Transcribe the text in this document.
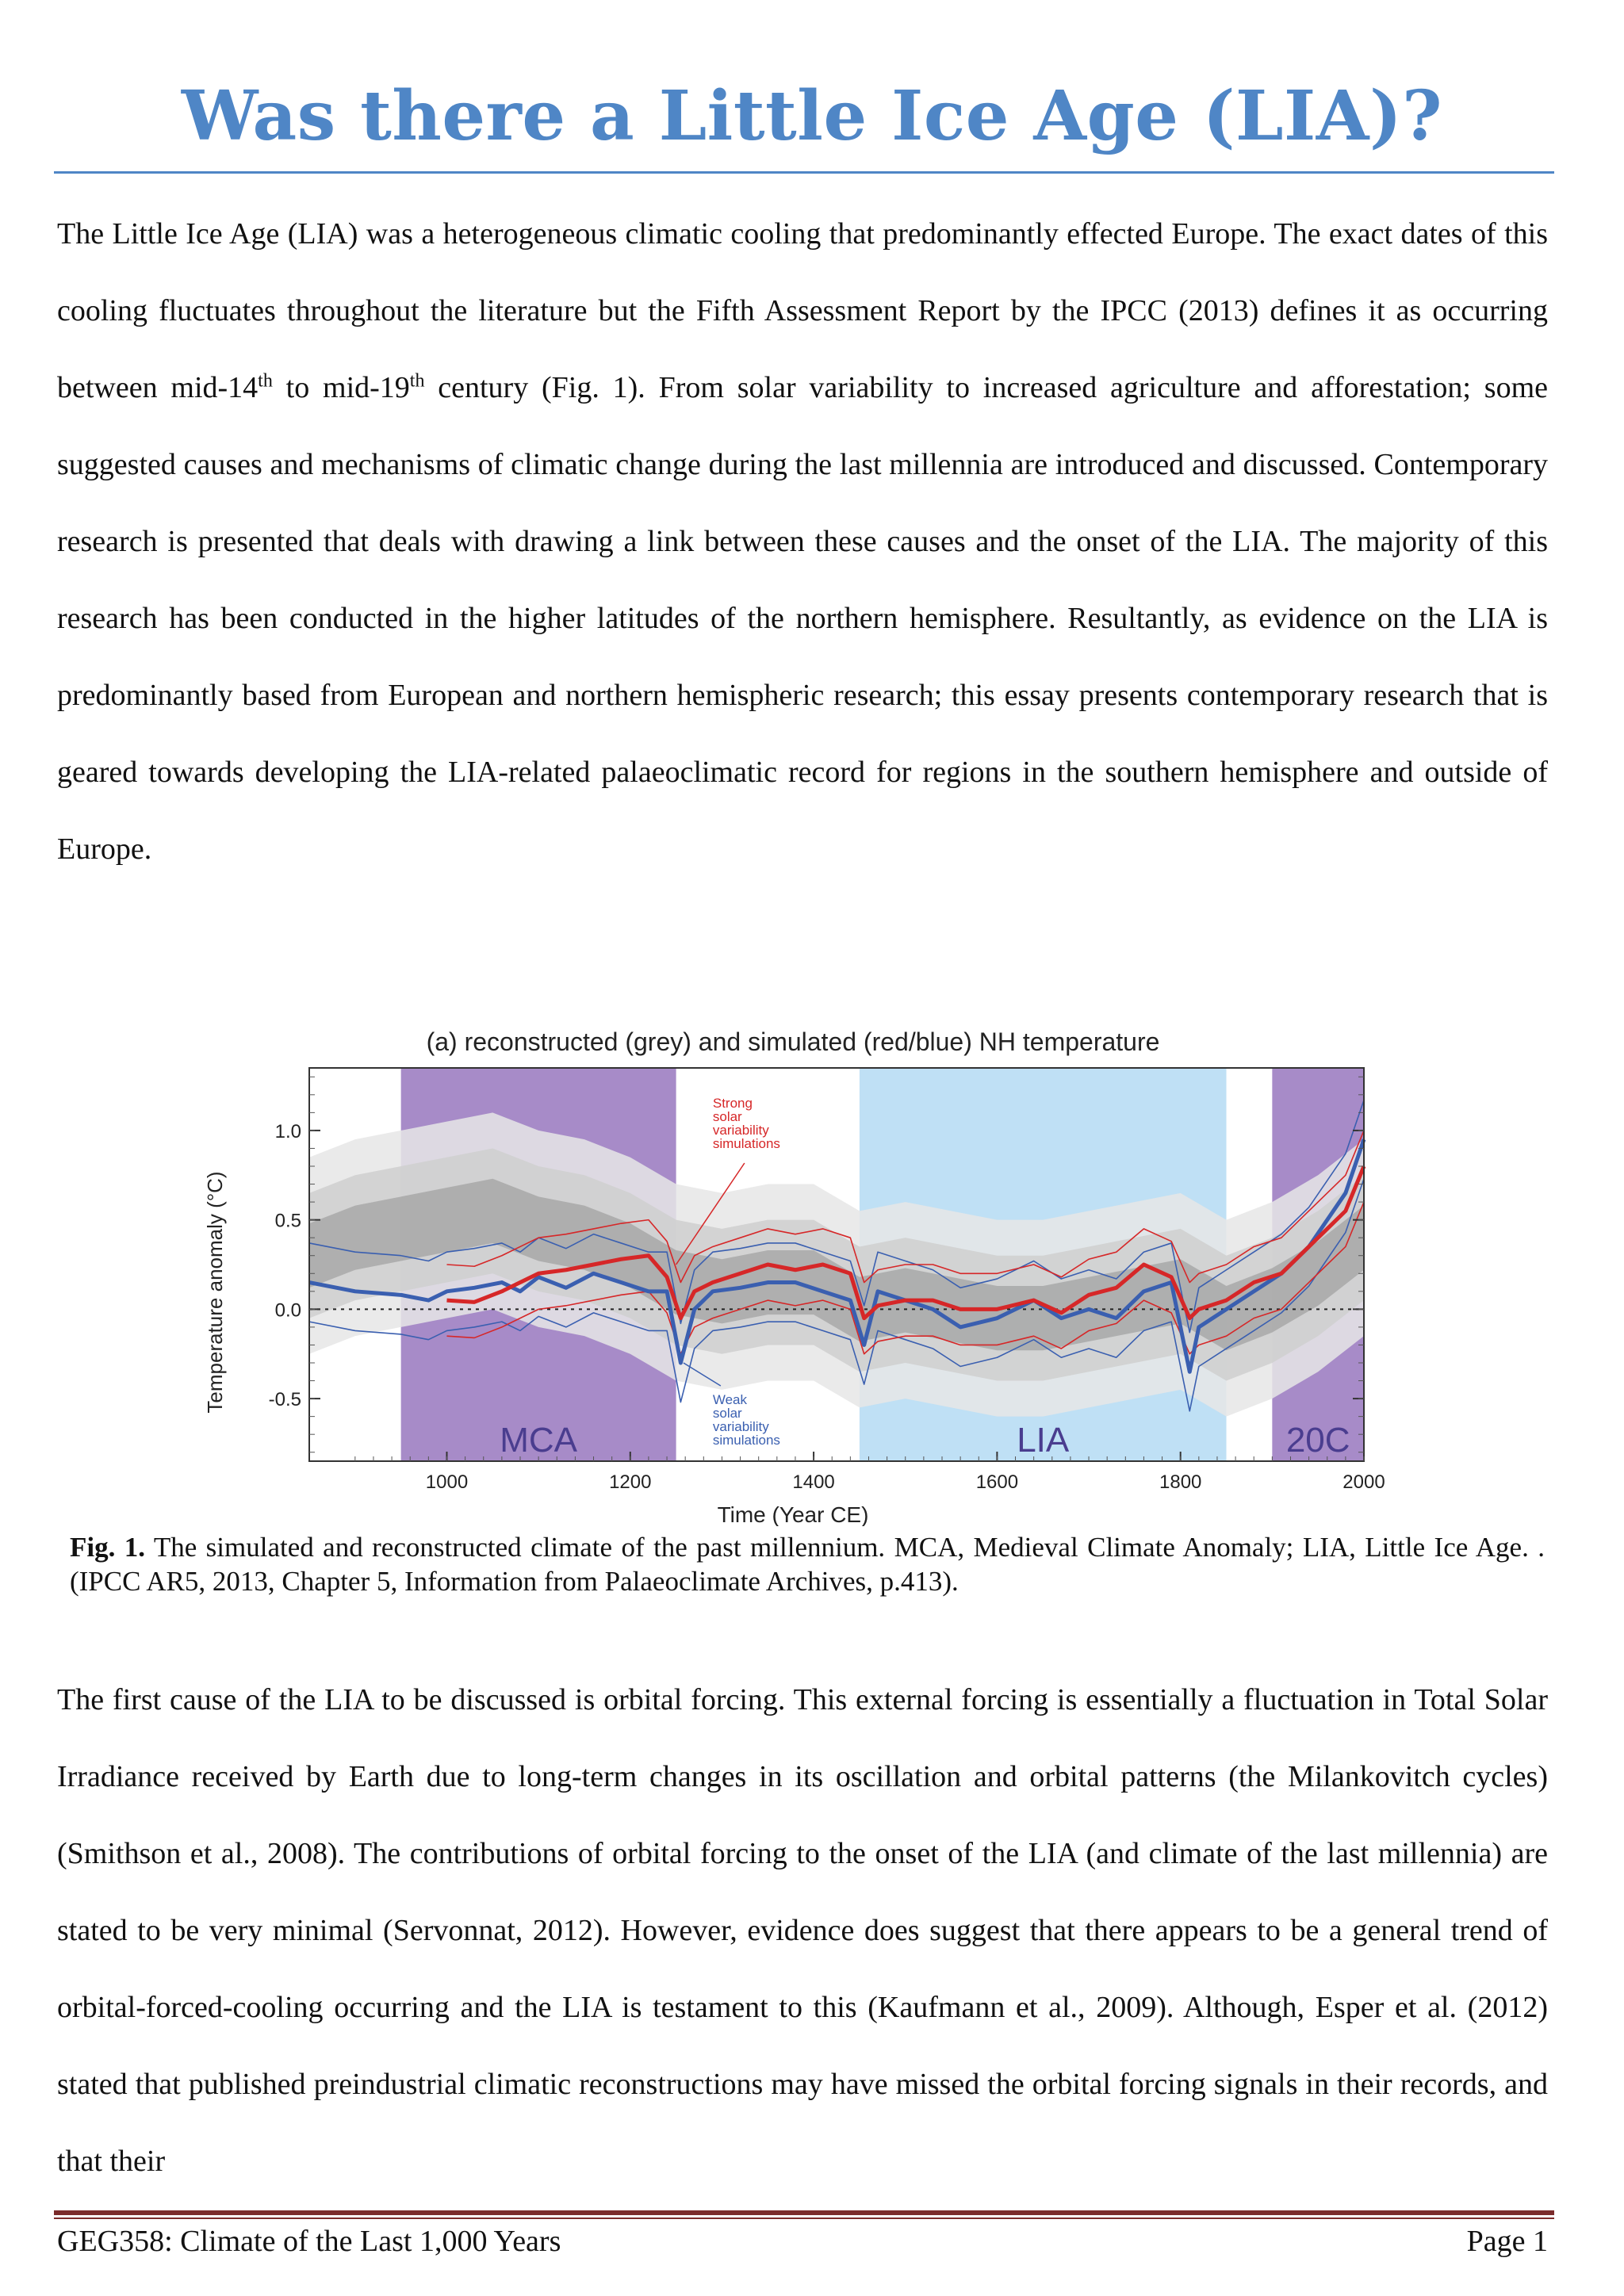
Was there a Little Ice Age (LIA)?

The Little Ice Age (LIA) was a heterogeneous climatic cooling that predominantly effected Europe. The exact dates of this cooling fluctuates throughout the literature but the Fifth Assessment Report by the IPCC (2013) defines it as occurring between mid-14th to mid-19th century (Fig. 1). From solar variability to increased agriculture and afforestation; some suggested causes and mechanisms of climatic change during the last millennia are introduced and discussed. Contemporary research is presented that deals with drawing a link between these causes and the onset of the LIA. The majority of this research has been conducted in the higher latitudes of the northern hemisphere. Resultantly, as evidence on the LIA is predominantly based from European and northern hemispheric research; this essay presents contemporary research that is geared towards developing the LIA-related palaeoclimatic record for regions in the southern hemisphere and outside of Europe.

(a) reconstructed (grey) and simulated (red/blue) NH temperature
MCA	LIA	20C
1000	1200	1400	1600	1800	2000
1.0
0.5
0.0
-0.5
Time (Year CE)
Temperature anomaly (°C)
Strong
solar
variability
simulations
Weak
solar
variability
simulations

Fig. 1. The simulated and reconstructed climate of the past millennium. MCA, Medieval Climate Anomaly; LIA, Little Ice Age. . (IPCC AR5, 2013, Chapter 5, Information from Palaeoclimate Archives, p.413).

The first cause of the LIA to be discussed is orbital forcing. This external forcing is essentially a fluctuation in Total Solar Irradiance received by Earth due to long-term changes in its oscillation and orbital patterns (the Milankovitch cycles) (Smithson et al., 2008). The contributions of orbital forcing to the onset of the LIA (and climate of the last millennia) are stated to be very minimal (Servonnat, 2012). However, evidence does suggest that there appears to be a general trend of orbital-forced-cooling occurring and the LIA is testament to this (Kaufmann et al., 2009). Although, Esper et al. (2012) stated that published preindustrial climatic reconstructions may have missed the orbital forcing signals in their records, and that their

GEG358: Climate of the Last 1,000 Years	Page 1
